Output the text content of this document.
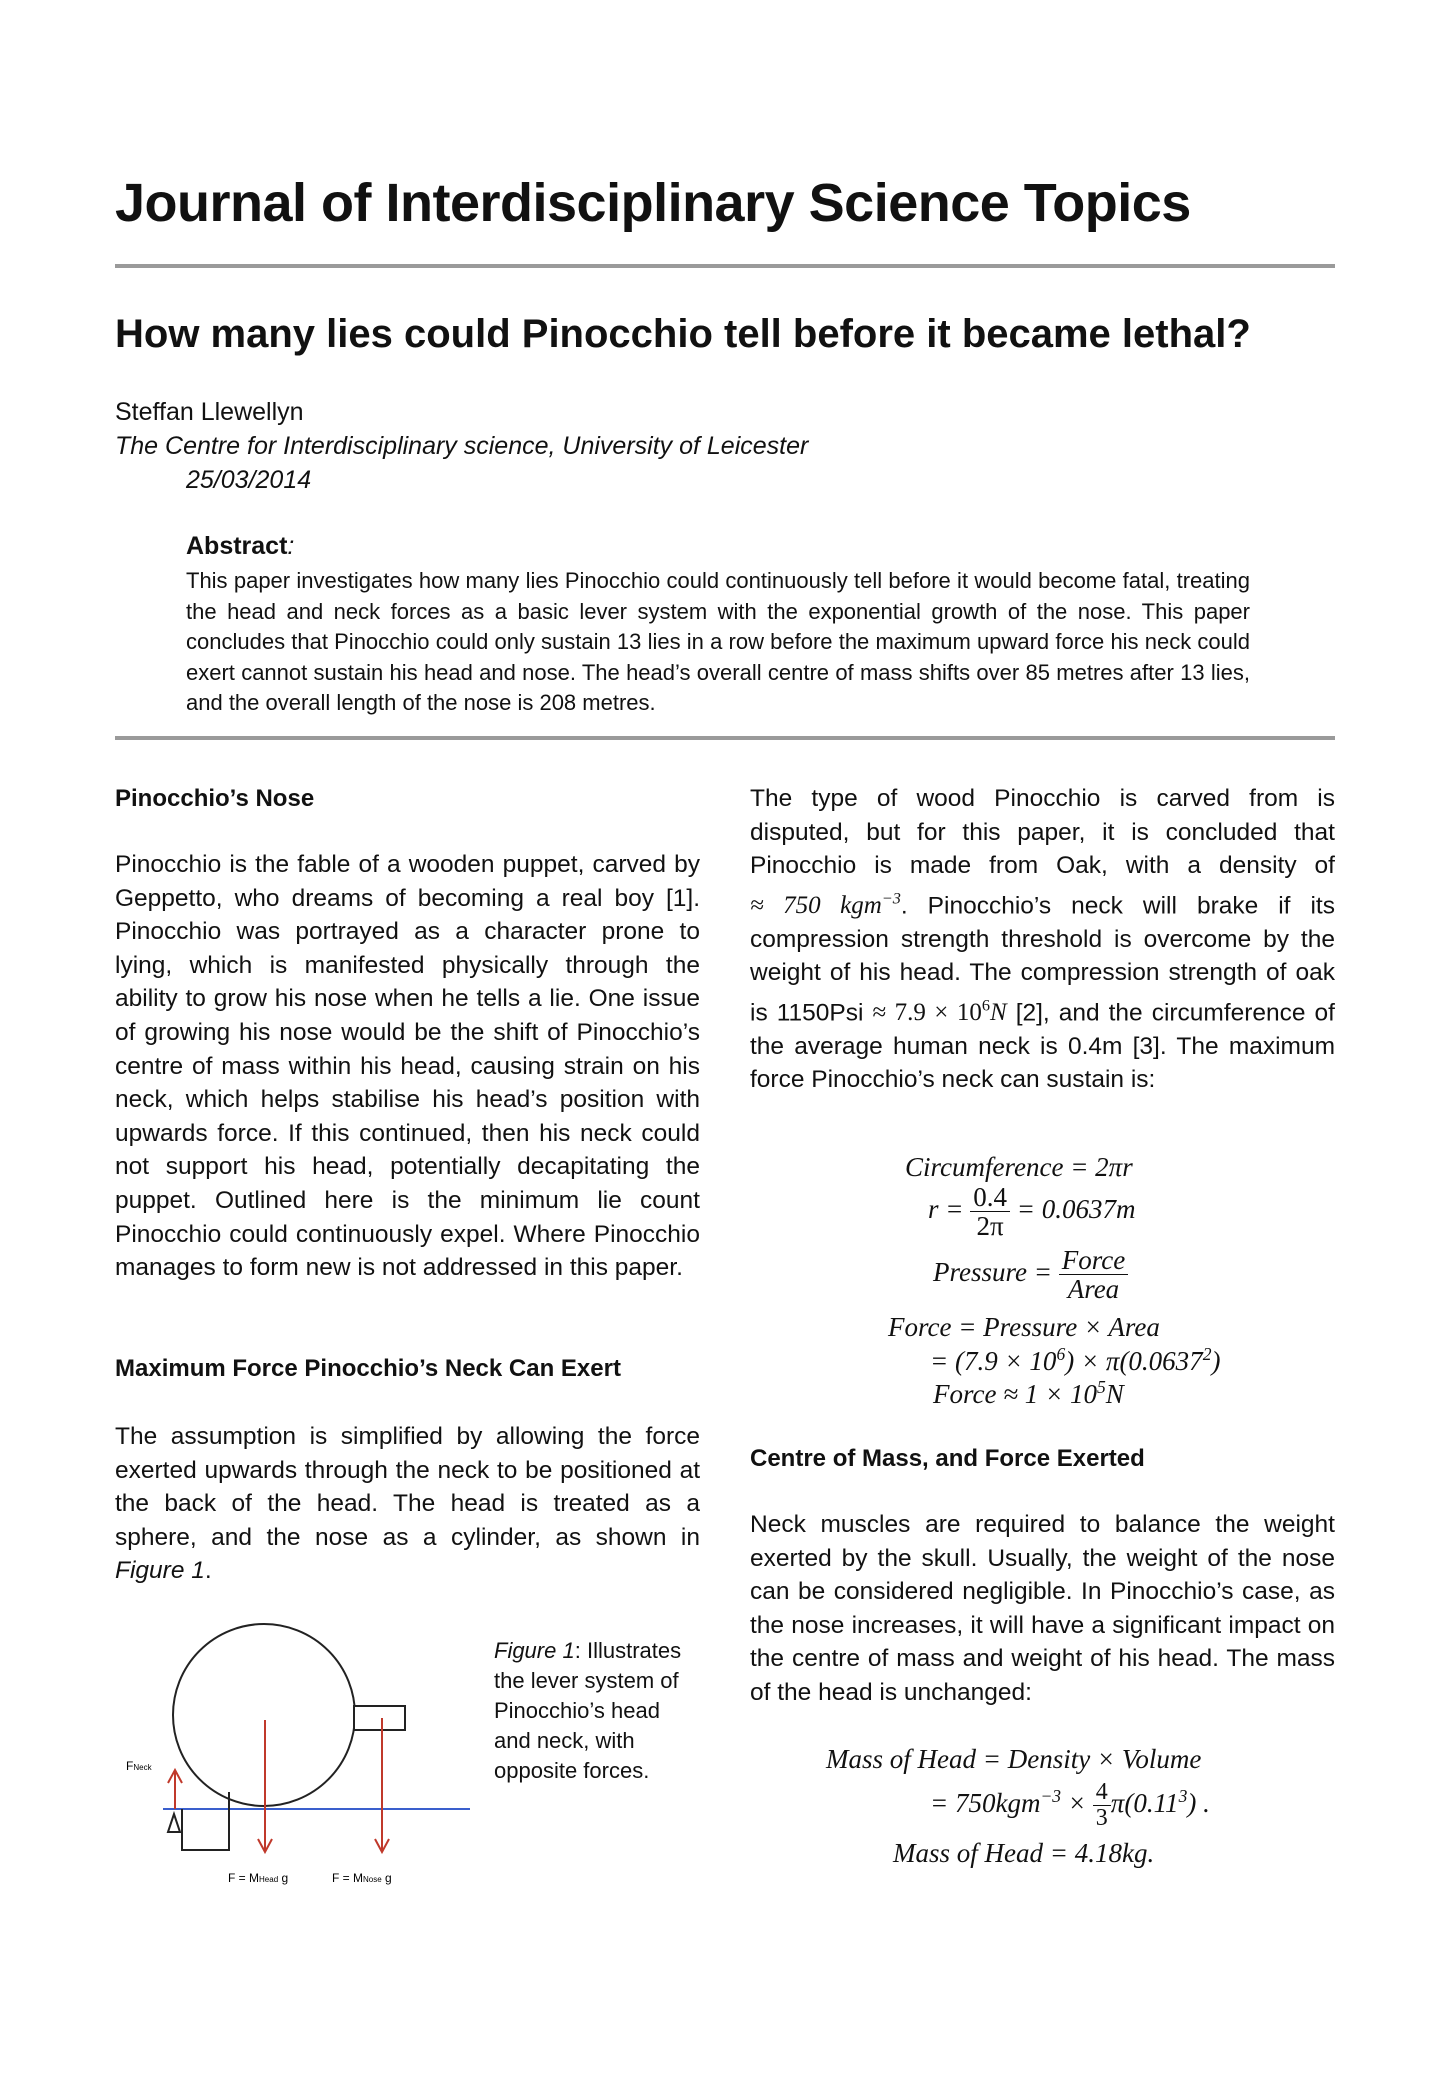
Journal of Interdisciplinary Science Topics
How many lies could Pinocchio tell before it became lethal?
Steffan Llewellyn
The Centre for Interdisciplinary science, University of Leicester
25/03/2014
Abstract:
This paper investigates how many lies Pinocchio could continuously tell before it would become fatal, treating the head and neck forces as a basic lever system with the exponential growth of the nose. This paper concludes that Pinocchio could only sustain 13 lies in a row before the maximum upward force his neck could exert cannot sustain his head and nose. The head’s overall centre of mass shifts over 85 metres after 13 lies, and the overall length of the nose is 208 metres.
Pinocchio’s Nose
Pinocchio is the fable of a wooden puppet, carved by Geppetto, who dreams of becoming a real boy [1]. Pinocchio was portrayed as a character prone to lying, which is manifested physically through the ability to grow his nose when he tells a lie. One issue of growing his nose would be the shift of Pinocchio’s centre of mass within his head, causing strain on his neck, which helps stabilise his head’s position with upwards force. If this continued, then his neck could not support his head, potentially decapitating the puppet. Outlined here is the minimum lie count Pinocchio could continuously expel. Where Pinocchio manages to form new is not addressed in this paper.
Maximum Force Pinocchio’s Neck Can Exert
The assumption is simplified by allowing the force exerted upwards through the neck to be positioned at the back of the head. The head is treated as a sphere, and the nose as a cylinder, as shown in Figure 1.
FNeck
F = MHead g	F = MNose g
Figure 1: Illustrates the lever system of Pinocchio’s head and neck, with opposite forces.
The type of wood Pinocchio is carved from is disputed, but for this paper, it is concluded that Pinocchio is made from Oak, with a density of ≈ 750 kgm$^{-3}$. Pinocchio’s neck will brake if its compression strength threshold is overcome by the weight of his head. The compression strength of oak is $1150Psi \approx 7.9 \times 10^6N$ [2], and the circumference of the average human neck is 0.4m [3]. The maximum force Pinocchio’s neck can sustain is:
Circumference = 2πr
$r = \frac{0.4}{2\pi} = 0.0637m$
Pressure = $\frac{\text{Force}}{\text{Area}}$
Force = Pressure × Area
= $(7.9 \times 10^6) \times \pi(0.0637^2)$
Force ≈ $1 \times 10^5N$
Centre of Mass, and Force Exerted
Neck muscles are required to balance the weight exerted by the skull. Usually, the weight of the nose can be considered negligible. In Pinocchio’s case, as the nose increases, it will have a significant impact on the centre of mass and weight of his head. The mass of the head is unchanged:
Mass of Head = Density × Volume
= $750kgm^{-3} \times \frac{4}{3} \pi(0.11^3)$ .
Mass of Head = 4.18kg.
